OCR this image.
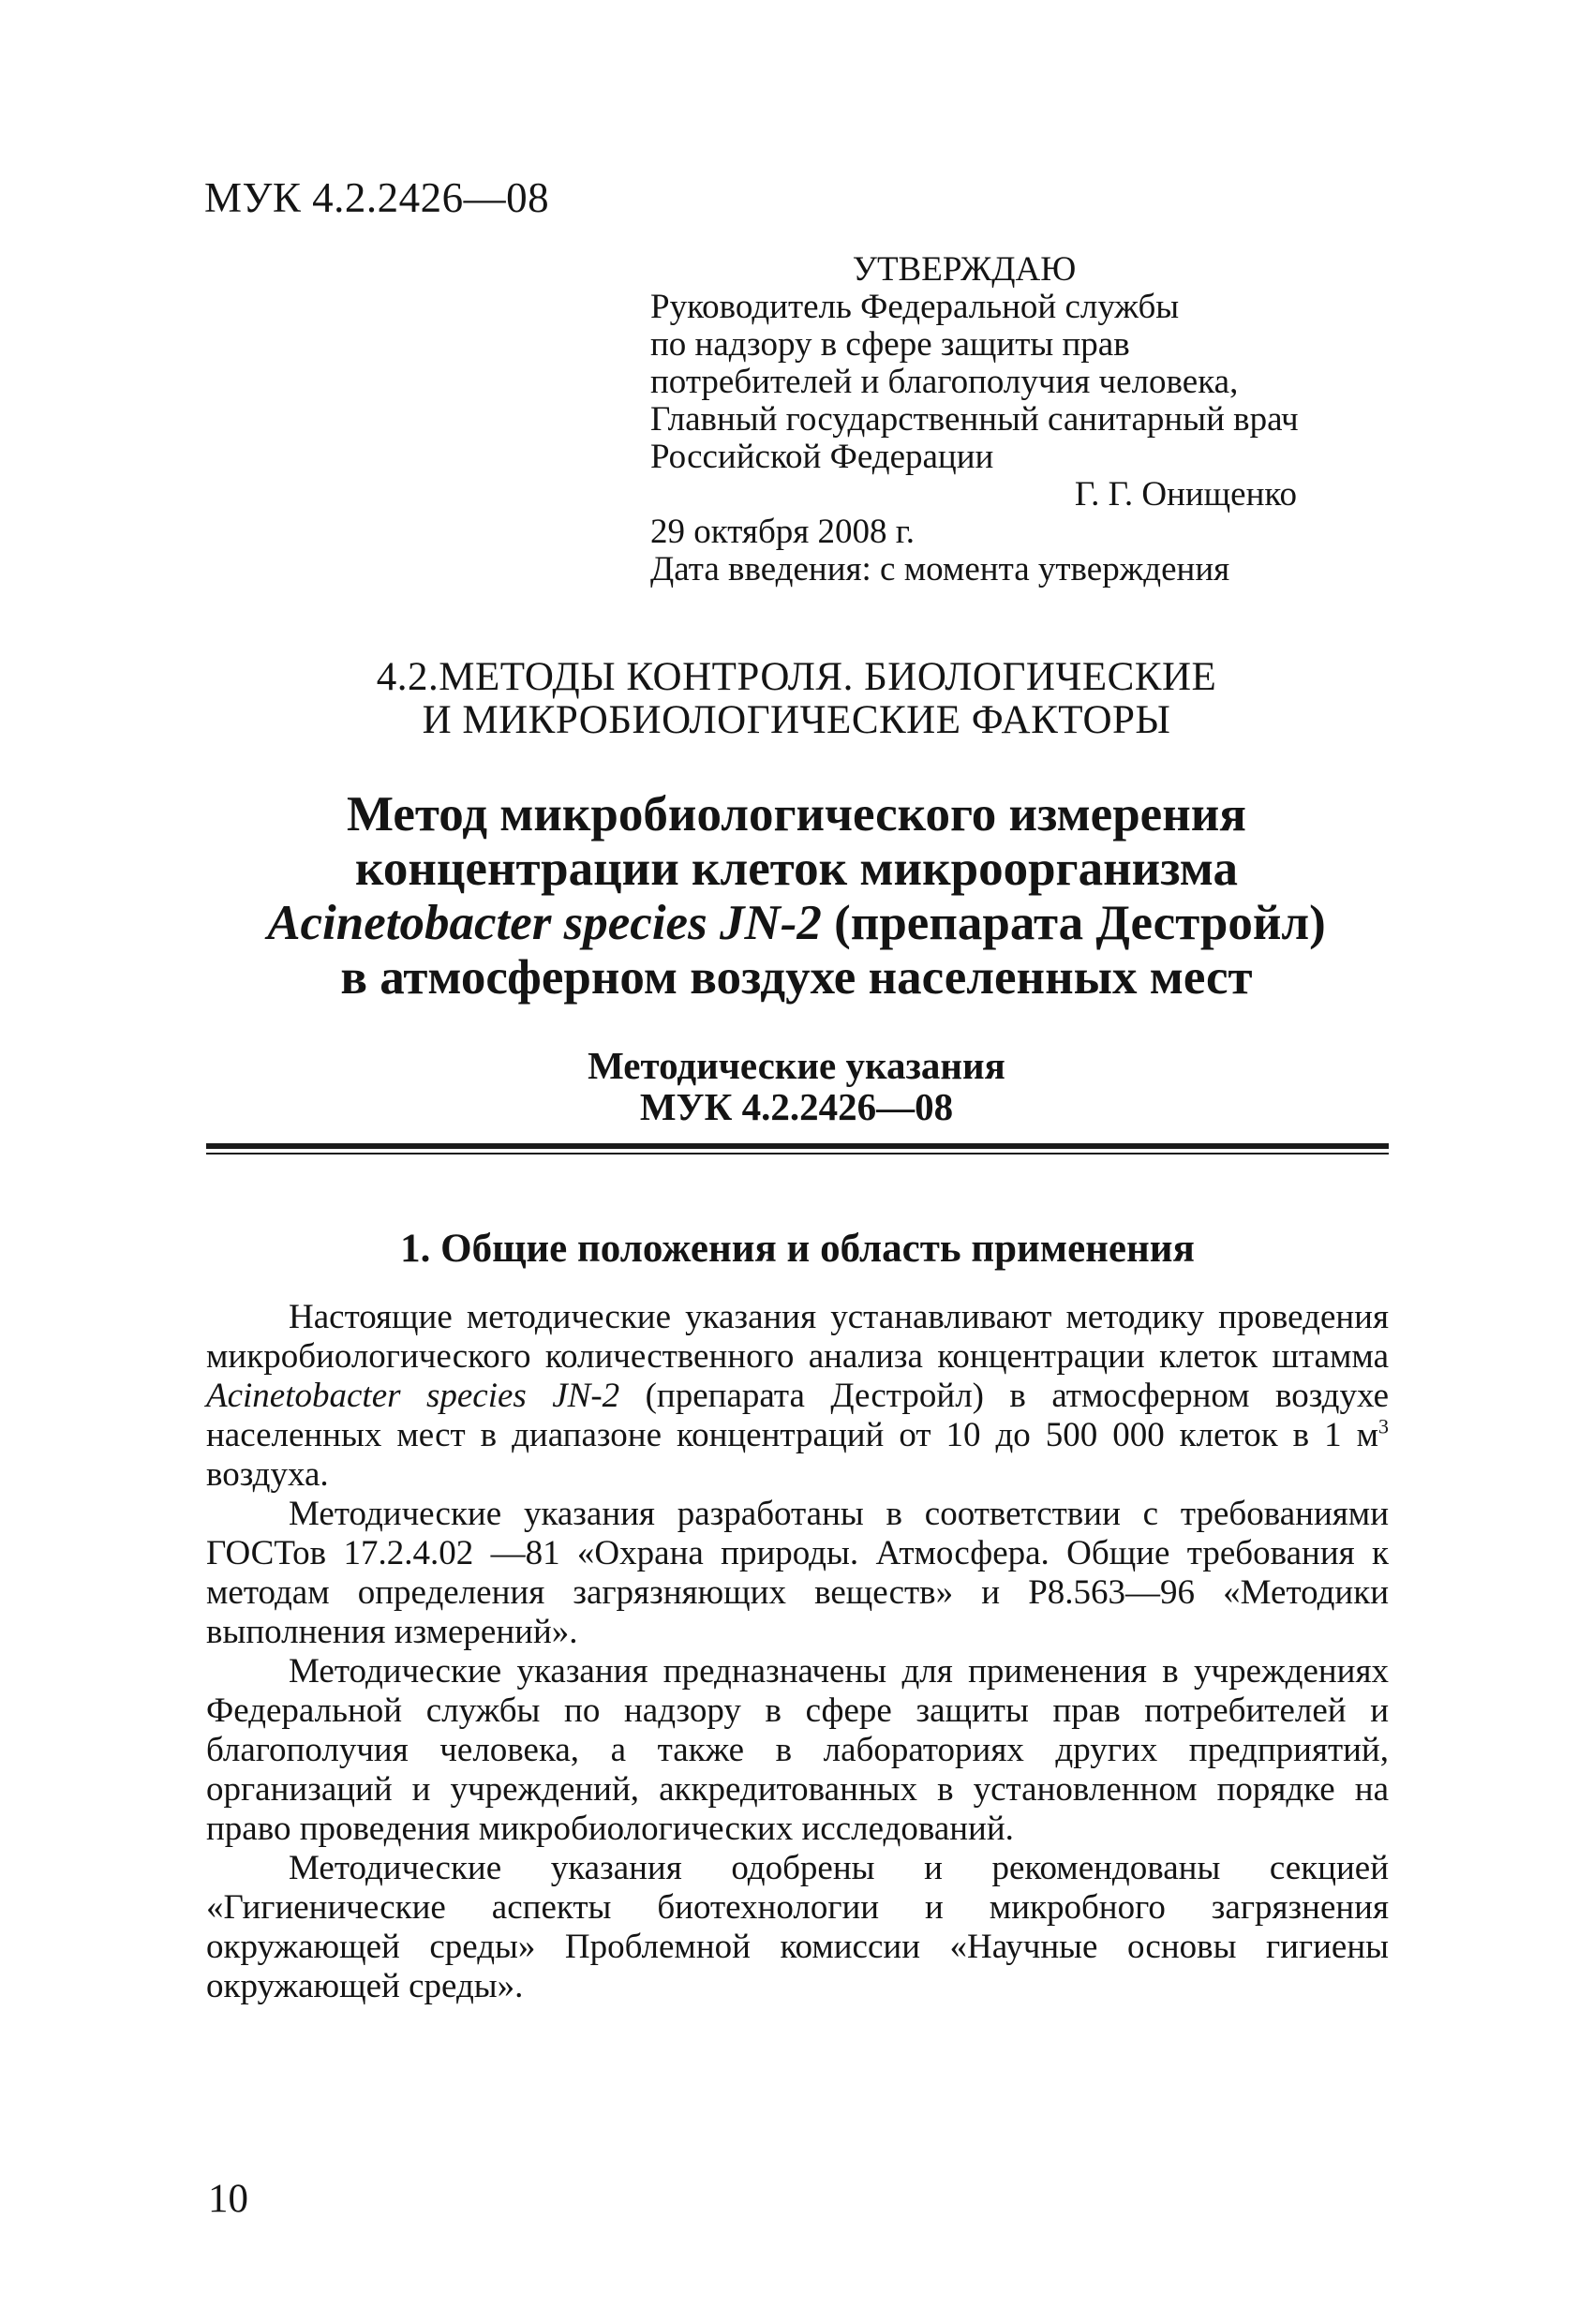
МУК 4.2.2426—08
УТВЕРЖДАЮ
Руководитель Федеральной службы
по надзору в сфере защиты прав
потребителей и благополучия человека,
Главный государственный санитарный врач
Российской Федерации
Г. Г. Онищенко
29 октября 2008 г.
Дата введения: с момента утверждения
4.2.МЕТОДЫ КОНТРОЛЯ. БИОЛОГИЧЕСКИЕ
И МИКРОБИОЛОГИЧЕСКИЕ ФАКТОРЫ
Метод микробиологического измерения
концентрации клеток микроорганизма
Acinetobacter species JN-2 (препарата Дестройл)
в атмосферном воздухе населенных мест
Методические указания
МУК 4.2.2426—08
1. Общие положения и область применения

Настоящие методические указания устанавливают методику проведения микробиологического количественного анализа концентрации клеток штамма Acinetobacter species JN-2 (препарата Дестройл) в атмосферном воздухе населенных мест в диапазоне концентраций от 10 до 500 000 клеток в 1 $м^3$ воздуха.

Методические указания разработаны в соответствии с требованиями ГОСТов 17.2.4.02 —81 «Охрана природы. Атмосфера. Общие требования к методам определения загрязняющих веществ» и Р8.563—96 «Методики выполнения измерений».

Методические указания предназначены для применения в учреждениях Федеральной службы по надзору в сфере защиты прав потребителей и благополучия человека, а также в лабораториях других предприятий, организаций и учреждений, аккредитованных в установленном порядке на право проведения микробиологических исследований.

Методические указания одобрены и рекомендованы секцией «Гигиенические аспекты биотехнологии и микробного загрязнения окружающей среды» Проблемной комиссии «Научные основы гигиены окружающей среды».

10
